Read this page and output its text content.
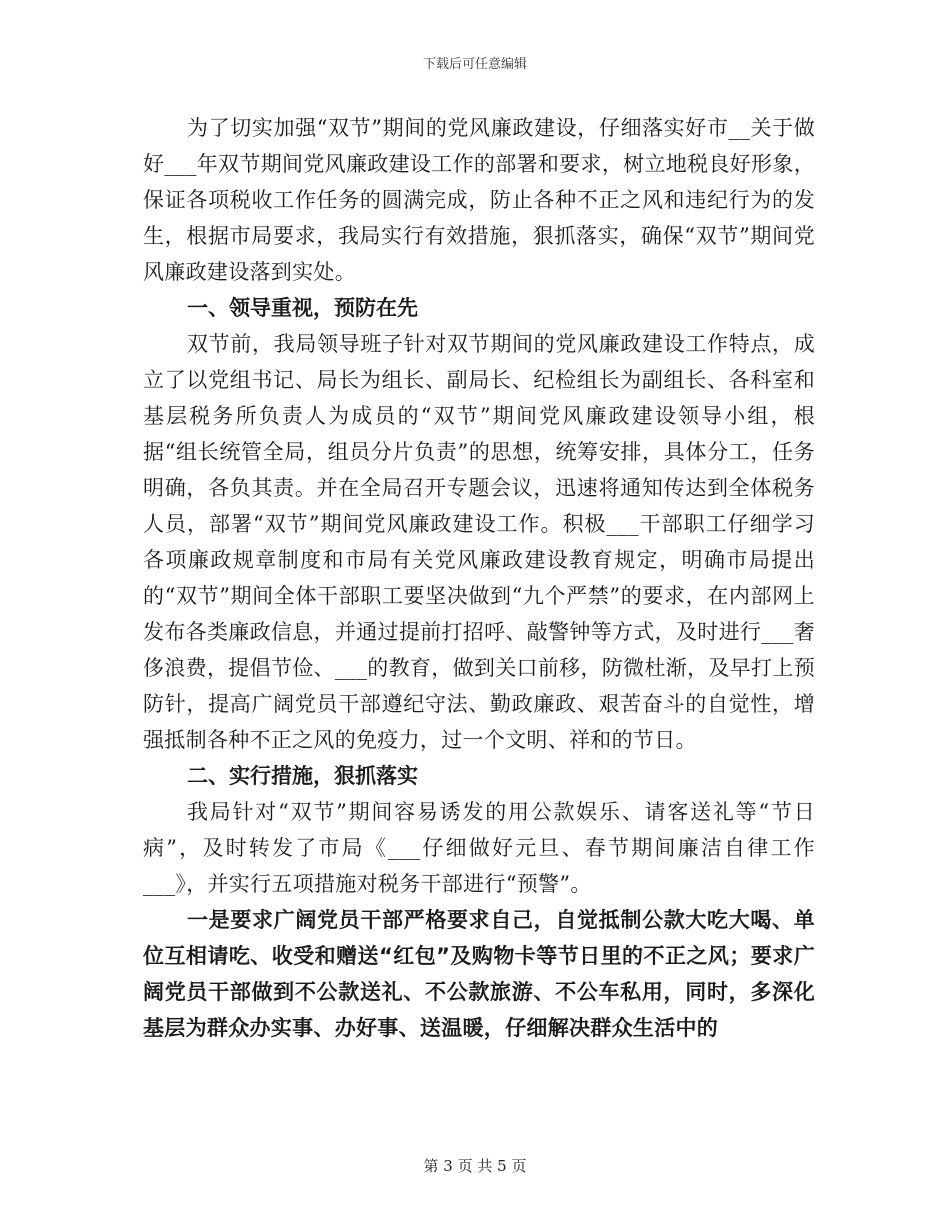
下载后可任意编辑

为了切实加强“双节”期间的党风廉政建设，仔细落实好市__关于做好___年双节期间党风廉政建设工作的部署和要求，树立地税良好形象，保证各项税收工作任务的圆满完成，防止各种不正之风和违纪行为的发生，根据市局要求，我局实行有效措施，狠抓落实，确保“双节”期间党风廉政建设落到实处。

一、领导重视，预防在先

双节前，我局领导班子针对双节期间的党风廉政建设工作特点，成立了以党组书记、局长为组长、副局长、纪检组长为副组长、各科室和基层税务所负责人为成员的“双节”期间党风廉政建设领导小组，根据“组长统管全局，组员分片负责”的思想，统筹安排，具体分工，任务明确，各负其责。并在全局召开专题会议，迅速将通知传达到全体税务人员，部署“双节”期间党风廉政建设工作。积极___干部职工仔细学习各项廉政规章制度和市局有关党风廉政建设教育规定，明确市局提出的“双节”期间全体干部职工要坚决做到“九个严禁”的要求，在内部网上发布各类廉政信息，并通过提前打招呼、敲警钟等方式，及时进行___奢侈浪费，提倡节俭、___的教育，做到关口前移，防微杜渐，及早打上预防针，提高广阔党员干部遵纪守法、勤政廉政、艰苦奋斗的自觉性，增强抵制各种不正之风的免疫力，过一个文明、祥和的节日。

二、实行措施，狠抓落实

我局针对“双节”期间容易诱发的用公款娱乐、请客送礼等“节日病”，及时转发了市局《___仔细做好元旦、春节期间廉洁自律工作___》，并实行五项措施对税务干部进行“预警”。

一是要求广阔党员干部严格要求自己，自觉抵制公款大吃大喝、单位互相请吃、收受和赠送“红包”及购物卡等节日里的不正之风；要求广阔党员干部做到不公款送礼、不公款旅游、不公车私用，同时，多深化基层为群众办实事、办好事、送温暖，仔细解决群众生活中的

第 3 页 共 5 页
